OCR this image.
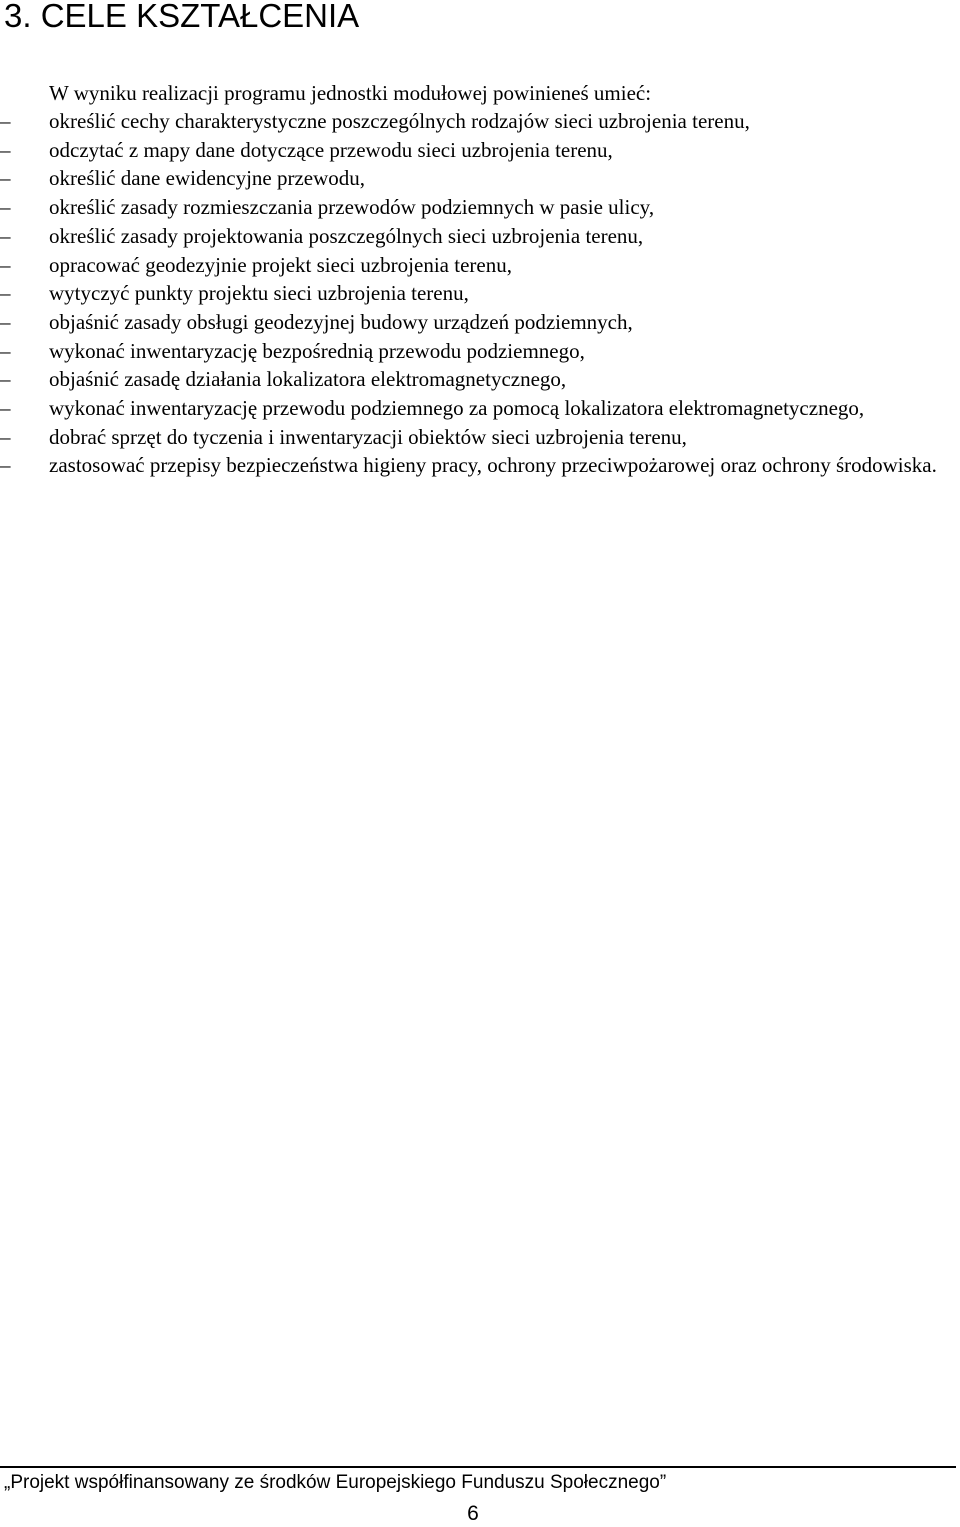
3. CELE KSZTAŁCENIA
W wyniku realizacji programu jednostki modułowej powinieneś umieć:
– określić cechy charakterystyczne poszczególnych rodzajów sieci uzbrojenia terenu,
– odczytać z mapy dane dotyczące przewodu sieci uzbrojenia terenu,
– określić dane ewidencyjne przewodu,
– określić zasady rozmieszczania przewodów podziemnych w pasie ulicy,
– określić zasady projektowania poszczególnych sieci uzbrojenia terenu,
– opracować geodezyjnie projekt sieci uzbrojenia terenu,
– wytyczyć punkty projektu sieci uzbrojenia terenu,
– objaśnić zasady obsługi geodezyjnej budowy urządzeń podziemnych,
– wykonać inwentaryzację bezpośrednią przewodu podziemnego,
– objaśnić zasadę działania lokalizatora elektromagnetycznego,
– wykonać inwentaryzację przewodu podziemnego za pomocą lokalizatora elektromagnetycznego,
– dobrać sprzęt do tyczenia i inwentaryzacji obiektów sieci uzbrojenia terenu,
– zastosować przepisy bezpieczeństwa higieny pracy, ochrony przeciwpożarowej oraz ochrony środowiska.
„Projekt współfinansowany ze środków Europejskiego Funduszu Społecznego”
6
